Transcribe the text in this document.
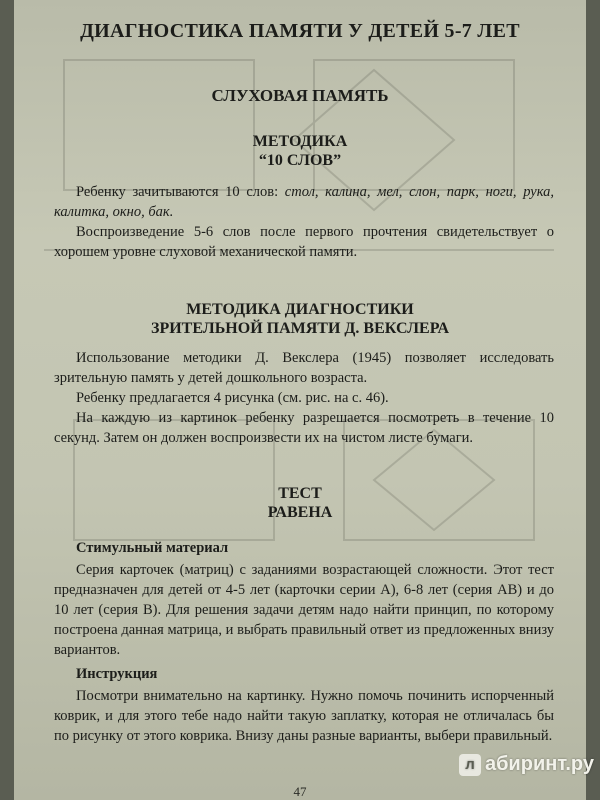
ДИАГНОСТИКА ПАМЯТИ У ДЕТЕЙ 5-7 ЛЕТ
СЛУХОВАЯ ПАМЯТЬ
МЕТОДИКА
“10 СЛОВ”

Ребенку зачитываются 10 слов: стол, калина, мел, слон, парк, ноги, рука, калитка, окно, бак.

Воспроизведение 5-6 слов после первого прочтения свидетельствует о хорошем уровне слуховой механической памяти.

МЕТОДИКА ДИАГНОСТИКИ
ЗРИТЕЛЬНОЙ ПАМЯТИ Д. ВЕКСЛЕРА

Использование методики Д. Векслера (1945) позволяет исследовать зрительную память у детей дошкольного возраста.

Ребенку предлагается 4 рисунка (см. рис. на с. 46).

На каждую из картинок ребенку разрешается посмотреть в течение 10 секунд. Затем он должен воспроизвести их на чистом листе бумаги.

ТЕСТ
РАВЕНА
Стимульный материал

Серия карточек (матриц) с заданиями возрастающей сложности. Этот тест предназначен для детей от 4-5 лет (карточки серии А), 6-8 лет (серия АВ) и до 10 лет (серия В). Для решения задачи детям надо найти принцип, по которому построена данная матрица, и выбрать правильный ответ из предложенных внизу вариантов.

Инструкция

Посмотри внимательно на картинку. Нужно помочь починить испорченный коврик, и для этого тебе надо найти такую заплатку, которая не отличалась бы по рисунку от этого коврика. Внизу даны разные варианты, выбери правильный.

47
л абиринт.ру
